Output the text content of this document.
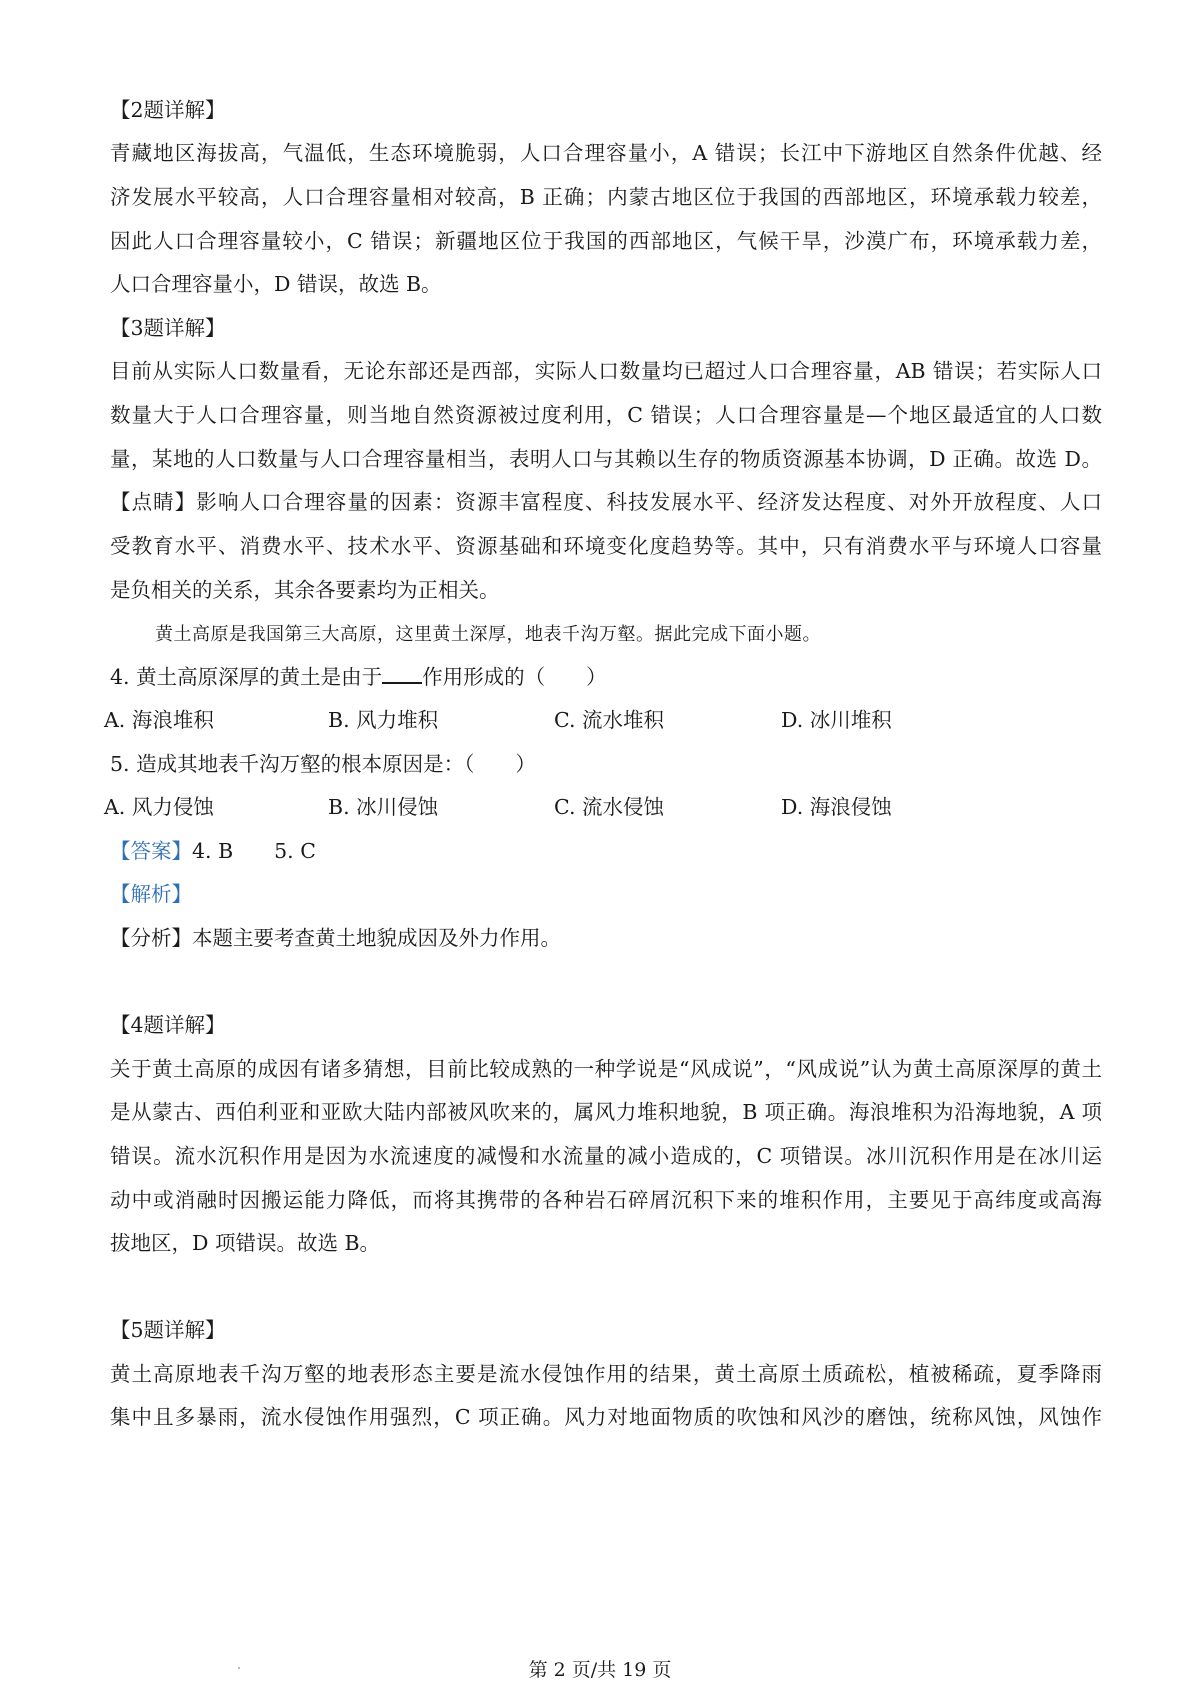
【2题详解】
青藏地区海拔高，气温低，生态环境脆弱，人口合理容量小，A 错误；长江中下游地区自然条件优越、经
济发展水平较高，人口合理容量相对较高，B 正确；内蒙古地区位于我国的西部地区，环境承载力较差，
因此人口合理容量较小，C 错误；新疆地区位于我国的西部地区，气候干旱，沙漠广布，环境承载力差，
人口合理容量小，D 错误，故选 B。
【3题详解】
目前从实际人口数量看，无论东部还是西部，实际人口数量均已超过人口合理容量，AB 错误；若实际人口
数量大于人口合理容量，则当地自然资源被过度利用，C 错误；人口合理容量是—个地区最适宜的人口数
量，某地的人口数量与人口合理容量相当，表明人口与其赖以生存的物质资源基本协调，D 正确。故选 D。
【点睛】影响人口合理容量的因素：资源丰富程度、科技发展水平、经济发达程度、对外开放程度、人口
受教育水平、消费水平、技术水平、资源基础和环境变化度趋势等。其中，只有消费水平与环境人口容量
是负相关的关系，其余各要素均为正相关。
黄土高原是我国第三大高原，这里黄土深厚，地表千沟万壑。据此完成下面小题。
4. 黄土高原深厚的黄土是由于 作用形成的（　　）
A. 海浪堆积	B. 风力堆积	C. 流水堆积	D. 冰川堆积
5. 造成其地表千沟万壑的根本原因是：（　　）
A. 风力侵蚀	B. 冰川侵蚀	C. 流水侵蚀	D. 海浪侵蚀
【答案】4. B　　5. C
【解析】
【分析】本题主要考查黄土地貌成因及外力作用。
【4题详解】
关于黄土高原的成因有诸多猜想，目前比较成熟的一种学说是“风成说”，“风成说”认为黄土高原深厚的黄土
是从蒙古、西伯利亚和亚欧大陆内部被风吹来的，属风力堆积地貌，B 项正确。海浪堆积为沿海地貌，A 项
错误。流水沉积作用是因为水流速度的减慢和水流量的减小造成的，C 项错误。冰川沉积作用是在冰川运
动中或消融时因搬运能力降低，而将其携带的各种岩石碎屑沉积下来的堆积作用，主要见于高纬度或高海
拔地区，D 项错误。故选 B。
【5题详解】
黄土高原地表千沟万壑的地表形态主要是流水侵蚀作用的结果，黄土高原土质疏松，植被稀疏，夏季降雨
集中且多暴雨，流水侵蚀作用强烈，C 项正确。风力对地面物质的吹蚀和风沙的磨蚀，统称风蚀，风蚀作
第 2 页/共 19 页
